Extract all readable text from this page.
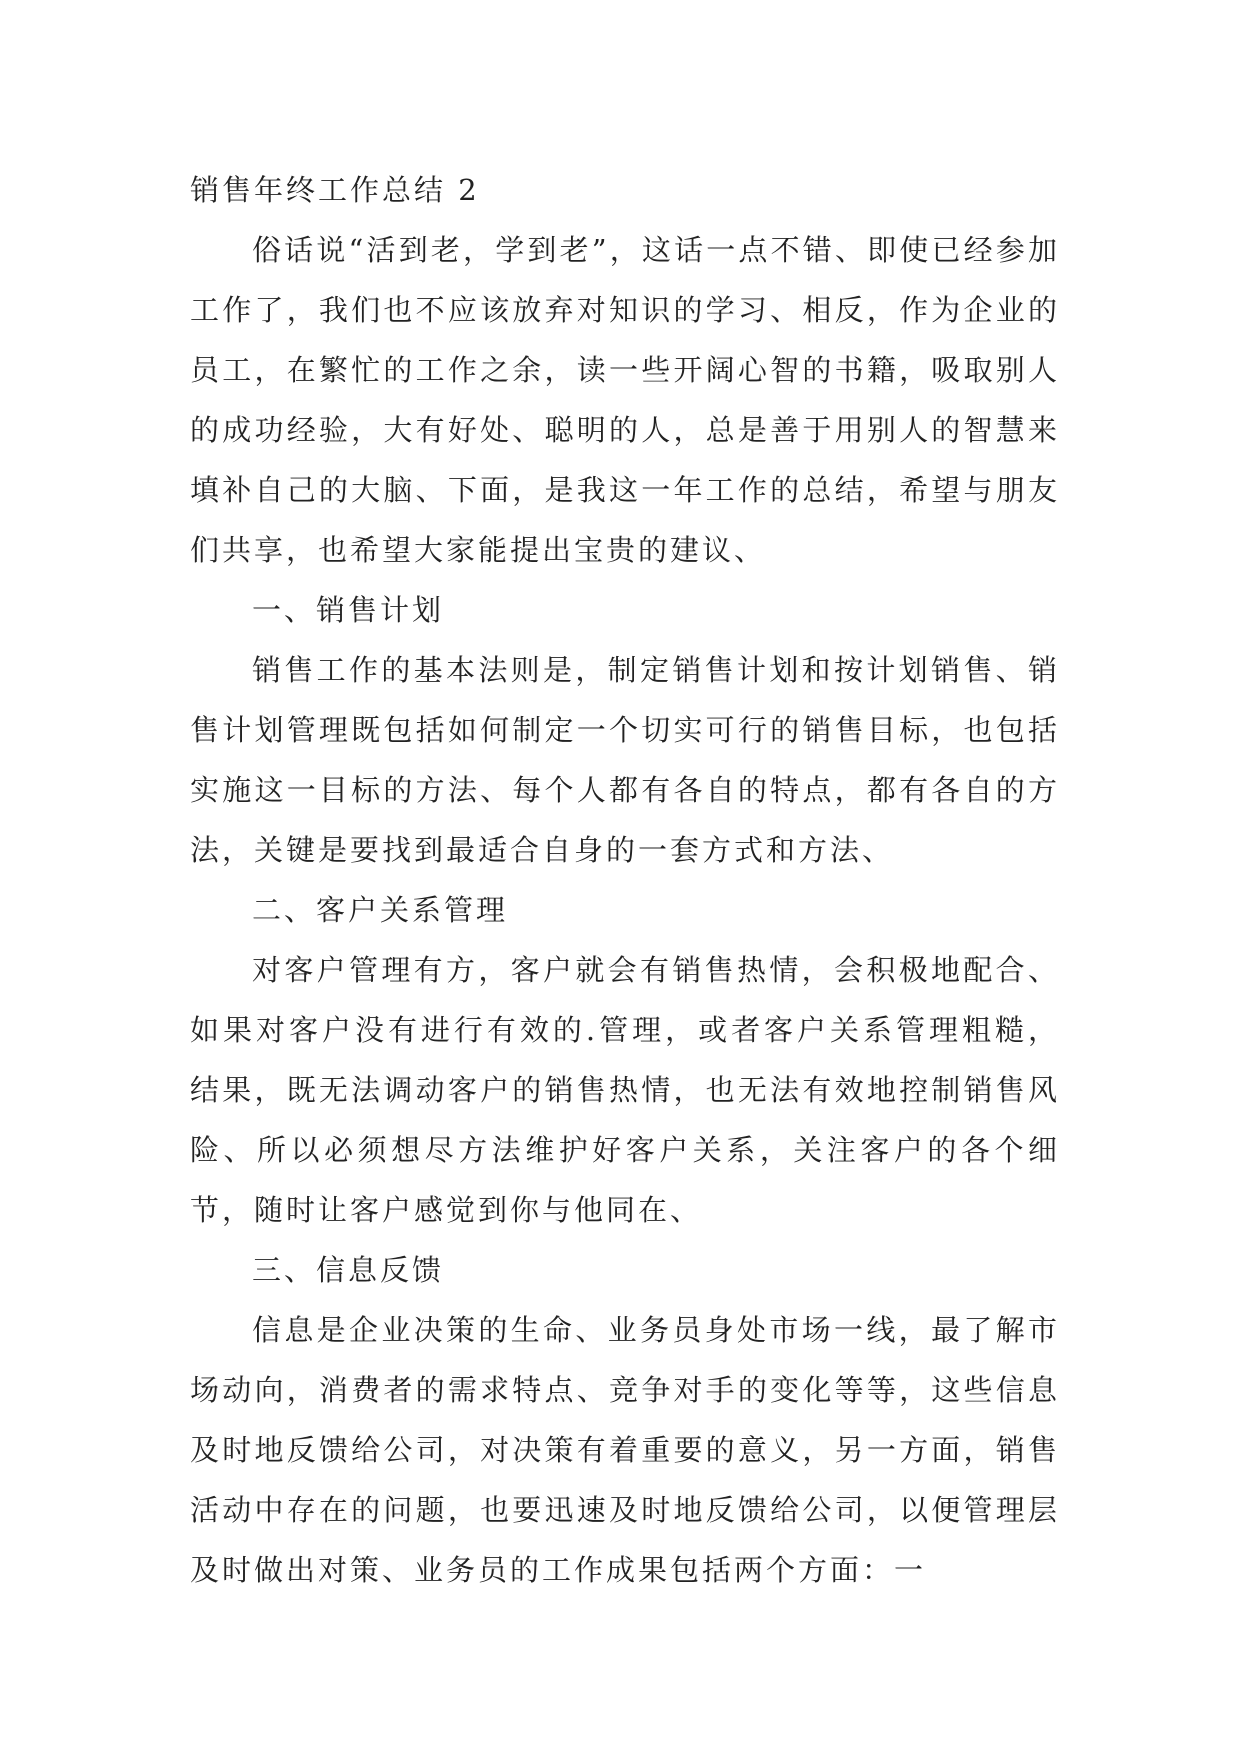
销售年终工作总结 2

俗话说“活到老，学到老”，这话一点不错、即使已经参加工作了，我们也不应该放弃对知识的学习、相反，作为企业的员工，在繁忙的工作之余，读一些开阔心智的书籍，吸取别人的成功经验，大有好处、聪明的人，总是善于用别人的智慧来填补自己的大脑、下面，是我这一年工作的总结，希望与朋友们共享，也希望大家能提出宝贵的建议、

一、销售计划

销售工作的基本法则是，制定销售计划和按计划销售、销售计划管理既包括如何制定一个切实可行的销售目标，也包括实施这一目标的方法、每个人都有各自的特点，都有各自的方法，关键是要找到最适合自身的一套方式和方法、

二、客户关系管理

对客户管理有方，客户就会有销售热情，会积极地配合、如果对客户没有进行有效的.管理，或者客户关系管理粗糙，结果，既无法调动客户的销售热情，也无法有效地控制销售风险、所以必须想尽方法维护好客户关系，关注客户的各个细节，随时让客户感觉到你与他同在、

三、信息反馈

信息是企业决策的生命、业务员身处市场一线，最了解市场动向，消费者的需求特点、竞争对手的变化等等，这些信息及时地反馈给公司，对决策有着重要的意义，另一方面，销售活动中存在的问题，也要迅速及时地反馈给公司，以便管理层及时做出对策、业务员的工作成果包括两个方面：一
